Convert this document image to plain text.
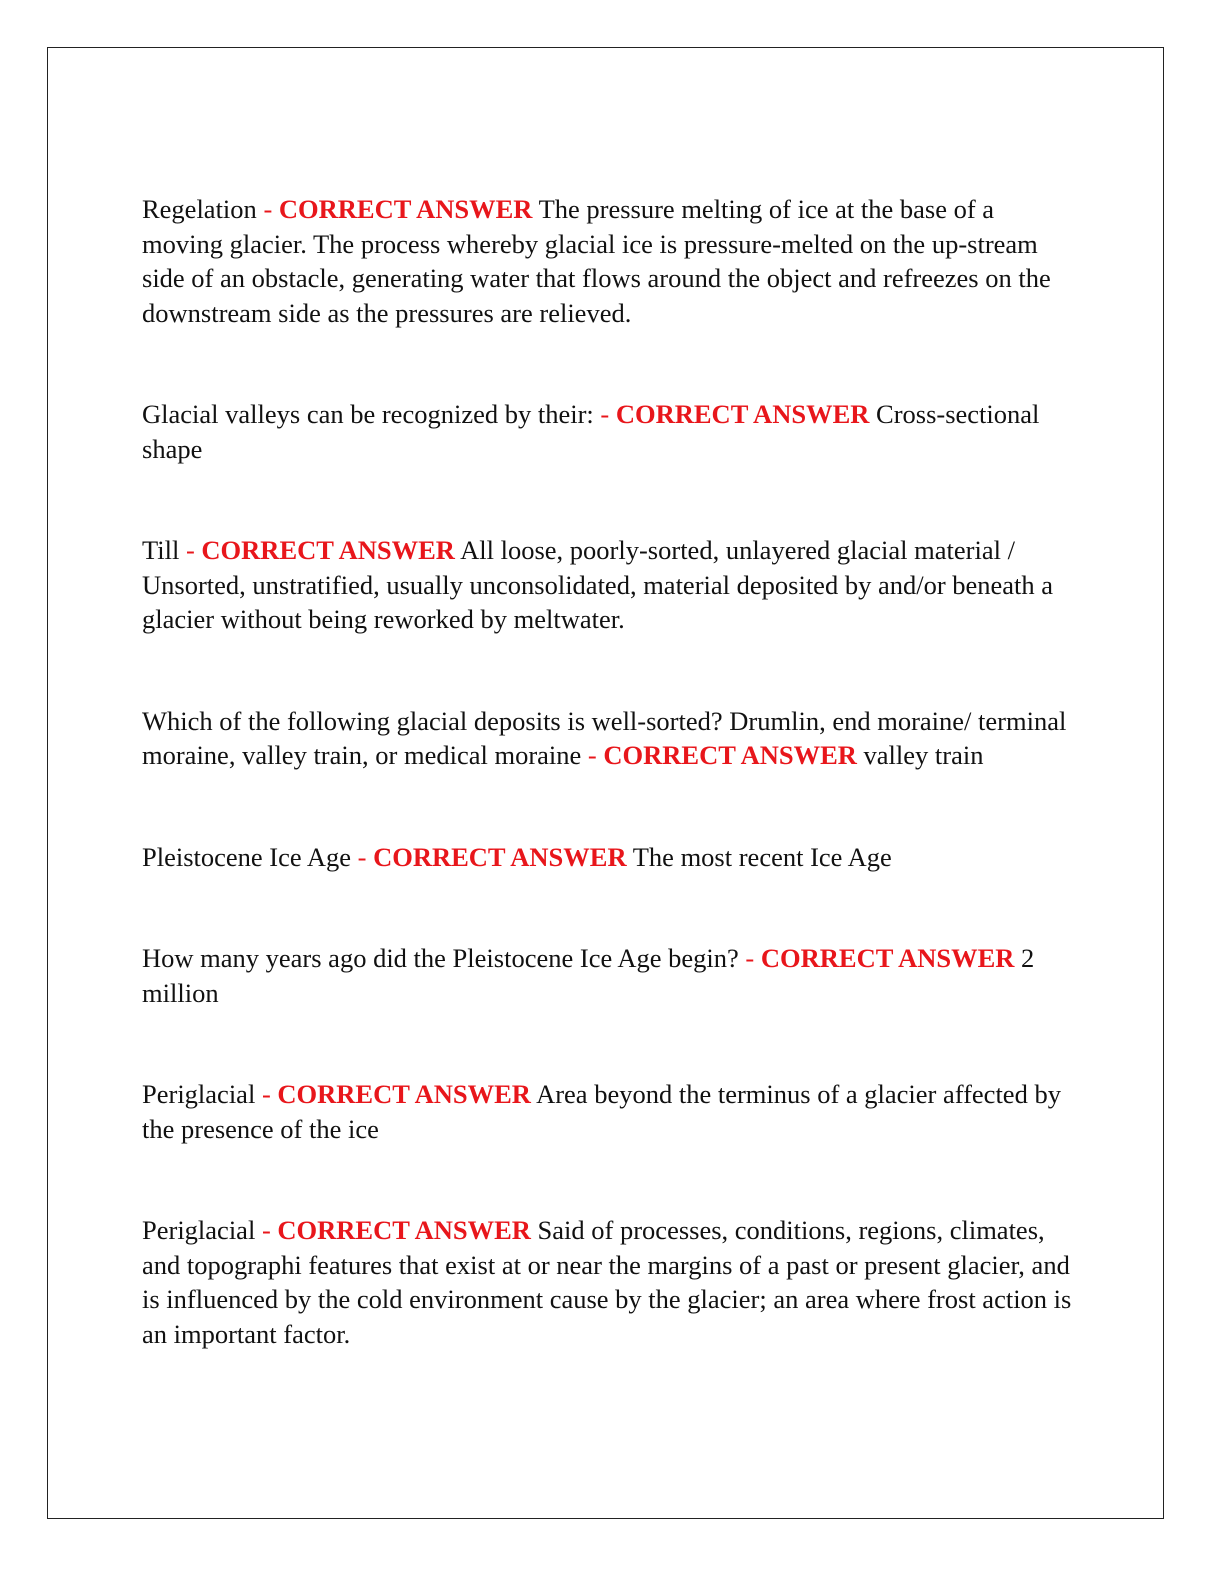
Regelation - CORRECT ANSWER The pressure melting of ice at the base of a moving glacier. The process whereby glacial ice is pressure-melted on the up-stream side of an obstacle, generating water that flows around the object and refreezes on the downstream side as the pressures are relieved.

Glacial valleys can be recognized by their: - CORRECT ANSWER Cross-sectional shape

Till - CORRECT ANSWER All loose, poorly-sorted, unlayered glacial material / Unsorted, unstratified, usually unconsolidated, material deposited by and/or beneath a glacier without being reworked by meltwater.

Which of the following glacial deposits is well-sorted? Drumlin, end moraine/ terminal moraine, valley train, or medical moraine - CORRECT ANSWER valley train

Pleistocene Ice Age - CORRECT ANSWER The most recent Ice Age

How many years ago did the Pleistocene Ice Age begin? - CORRECT ANSWER 2 million

Periglacial - CORRECT ANSWER Area beyond the terminus of a glacier affected by the presence of the ice

Periglacial - CORRECT ANSWER Said of processes, conditions, regions, climates, and topographi features that exist at or near the margins of a past or present glacier, and is influenced by the cold environment cause by the glacier; an area where frost action is an important factor.
